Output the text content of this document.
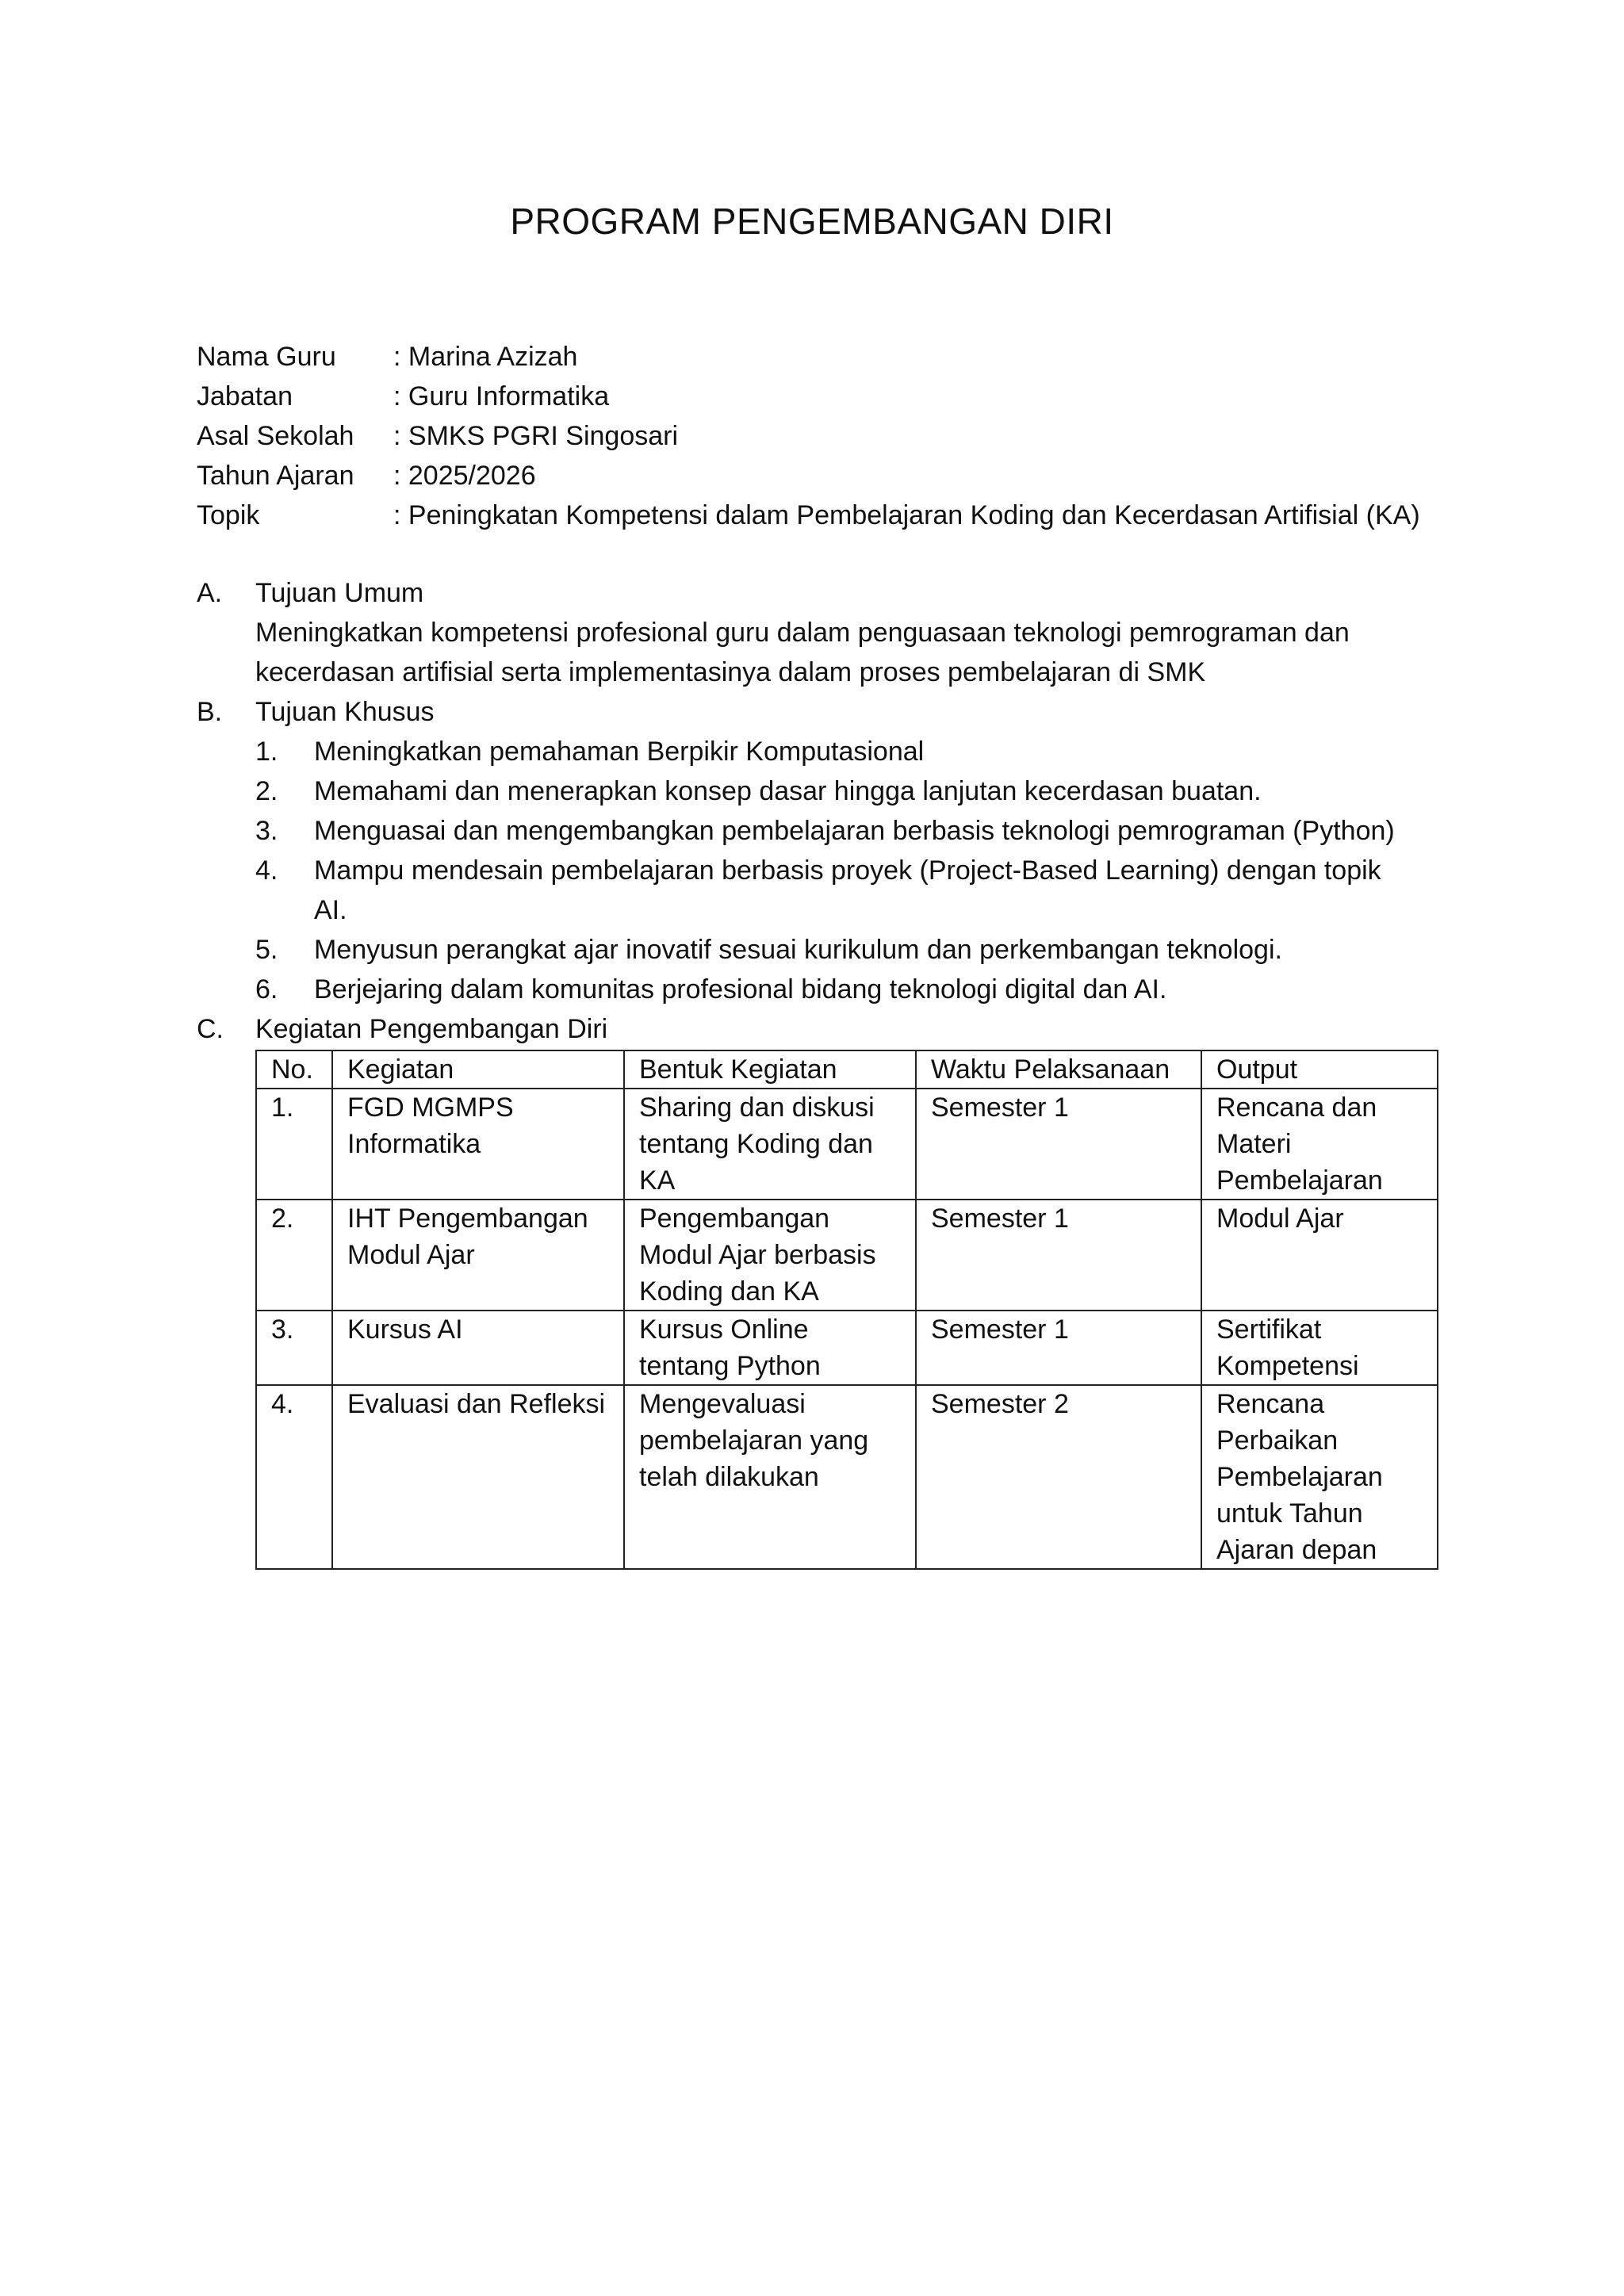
PROGRAM PENGEMBANGAN DIRI
Nama Guru	: Marina Azizah
Jabatan	: Guru Informatika
Asal Sekolah	: SMKS PGRI Singosari
Tahun Ajaran	: 2025/2026
Topik	: Peningkatan Kompetensi dalam Pembelajaran Koding dan Kecerdasan Artifisial (KA)
A.	Tujuan Umum
Meningkatkan kompetensi profesional guru dalam penguasaan teknologi pemrograman dan kecerdasan artifisial serta implementasinya dalam proses pembelajaran di SMK
B.	Tujuan Khusus
1.	Meningkatkan pemahaman Berpikir Komputasional
2.	Memahami dan menerapkan konsep dasar hingga lanjutan kecerdasan buatan.
3.	Menguasai dan mengembangkan pembelajaran berbasis teknologi pemrograman (Python)
4.	Mampu mendesain pembelajaran berbasis proyek (Project-Based Learning) dengan topik AI.
5.	Menyusun perangkat ajar inovatif sesuai kurikulum dan perkembangan teknologi.
6.	Berjejaring dalam komunitas profesional bidang teknologi digital dan AI.
C.	Kegiatan Pengembangan Diri
No.	Kegiatan	Bentuk Kegiatan	Waktu Pelaksanaan	Output
1.	FGD MGMPS Informatika	Sharing dan diskusi tentang Koding dan KA	Semester 1	Rencana dan Materi Pembelajaran
2.	IHT Pengembangan Modul Ajar	Pengembangan Modul Ajar berbasis Koding dan KA	Semester 1	Modul Ajar
3.	Kursus AI	Kursus Online tentang Python	Semester 1	Sertifikat Kompetensi
4.	Evaluasi dan Refleksi	Mengevaluasi pembelajaran yang telah dilakukan	Semester 2	Rencana Perbaikan Pembelajaran untuk Tahun Ajaran depan
